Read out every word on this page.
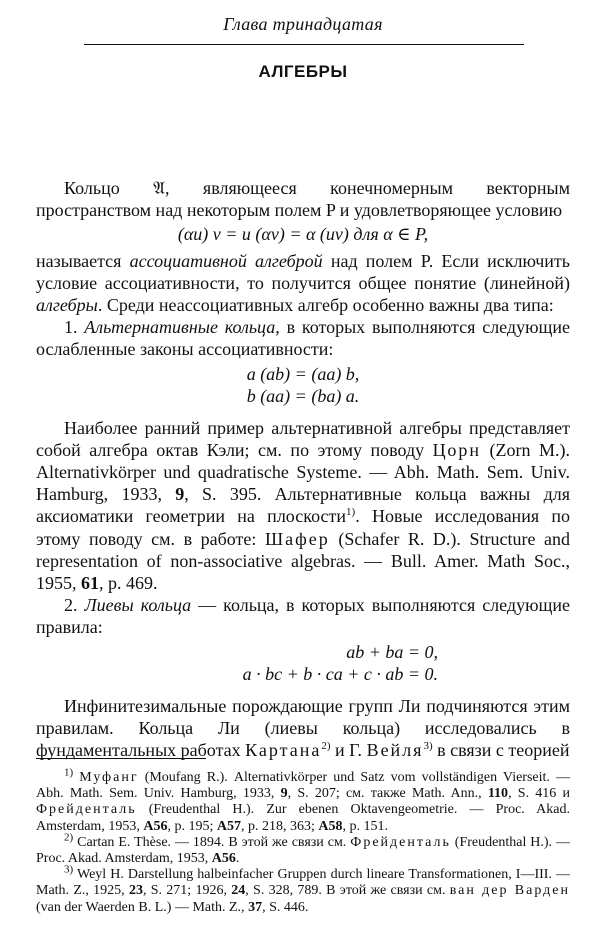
Глава тринадцатая
АЛГЕБРЫ

Кольцо 𝔄, являющееся конечномерным векторным пространством над некоторым полем P и удовлетворяющее условию

(αu) v = u (αv) = α (uv) для α ∈ P,

называется ассоциативной алгеброй над полем P. Если исключить условие ассоциативности, то получится общее понятие (линейной) алгебры. Среди неассоциативных алгебр особенно важны два типа:

1. Альтернативные кольца, в которых выполняются следующие ослабленные законы ассоциативности:

a (ab) = (aa) b,
b (aa) = (ba) a.

Наиболее ранний пример альтернативной алгебры представляет собой алгебра октав Кэли; см. по этому поводу Цорн (Zorn M.). Alternativkörper und quadratische Systeme. — Abh. Math. Sem. Univ. Hamburg, 1933, 9, S. 395. Альтернативные кольца важны для аксиоматики геометрии на плоскости$^{1)}$. Новые исследования по этому поводу см. в работе: Шафер (Schafer R. D.). Structure and representation of non-associative algebras. — Bull. Amer. Math Soc., 1955, 61, p. 469.

2. Лиевы кольца — кольца, в которых выполняются следующие правила:

ab + ba = 0,
a · bc + b · ca + c · ab = 0.

Инфинитезимальные порождающие групп Ли подчиняются этим правилам. Кольца Ли (лиевы кольца) исследовались в фундаментальных работах Картана$^{2)}$ и Г. Вейля$^{3)}$ в связи с теорией

$^{1)}$ Муфанг (Moufang R.). Alternativkörper und Satz vom vollständigen Vierseit. — Abh. Math. Sem. Univ. Hamburg, 1933, 9, S. 207; см. также Math. Ann., 110, S. 416 и Фрейденталь (Freudenthal H.). Zur ebenen Oktavengeometrie. — Proc. Akad. Amsterdam, 1953, A56, p. 195; A57, p. 218, 363; A58, p. 151.

$^{2)}$ Cartan E. Thèse. — 1894. В этой же связи см. Фрейденталь (Freudenthal H.). — Proc. Akad. Amsterdam, 1953, A56.

$^{3)}$ Weyl H. Darstellung halbeinfacher Gruppen durch lineare Transformationen, I—III. — Math. Z., 1925, 23, S. 271; 1926, 24, S. 328, 789. В этой же связи см. ван дер Варден (van der Waerden B. L.) — Math. Z., 37, S. 446.
